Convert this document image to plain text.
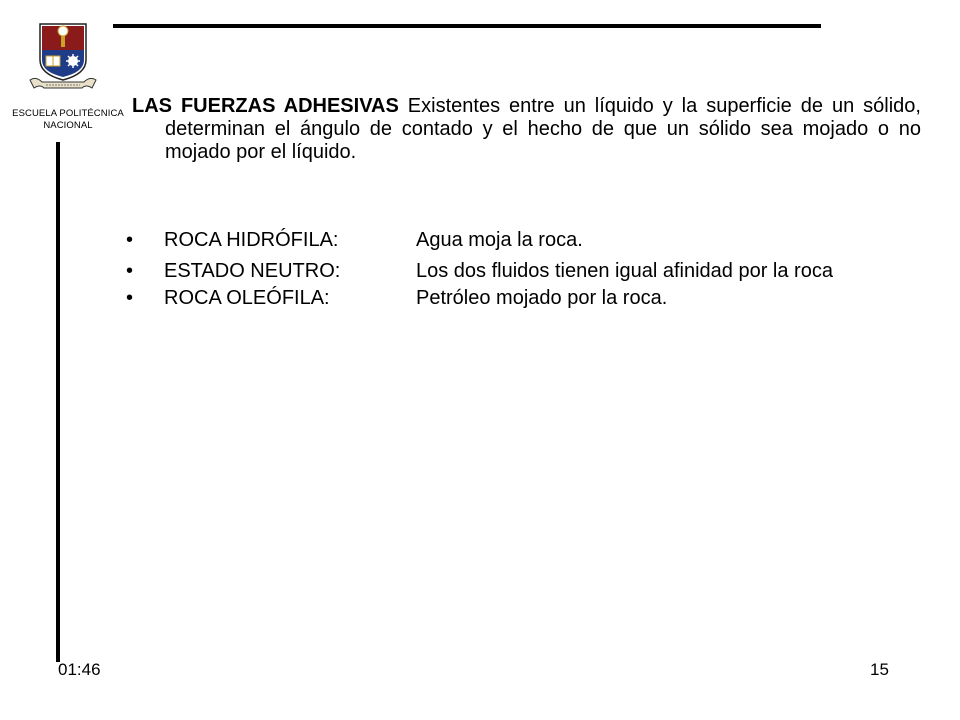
ESCUELA POLITÉCNICA
NACIONAL
LAS FUERZAS ADHESIVAS Existentes entre un líquido y la superficie de un sólido, determinan el ángulo de contado y el hecho de que un sólido sea mojado o no mojado por el líquido.
•	ROCA HIDRÓFILA:	Agua moja la roca.
•	ESTADO NEUTRO:	Los dos fluidos tienen igual afinidad por la roca
•	ROCA OLEÓFILA:	Petróleo mojado por la roca.
01:46	15
